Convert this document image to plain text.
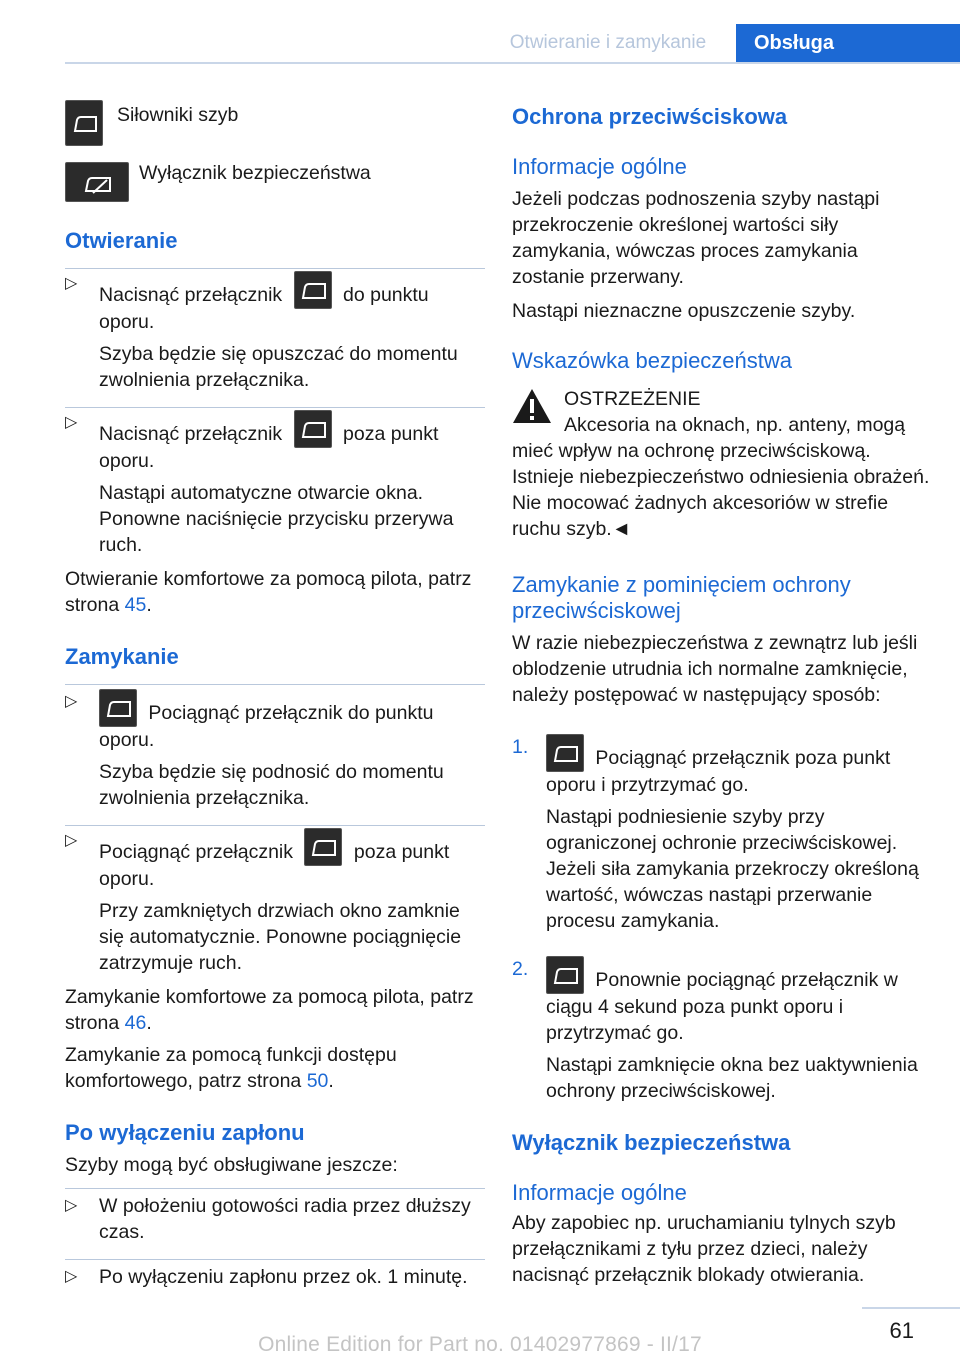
Otwieranie i zamykanie	Obsługa
Siłowniki szyb
Wyłącznik bezpieczeństwa
Otwieranie
▷

Nacisnąć przełącznik	do punktu oporu.

Szyba będzie się opuszczać do momentu zwolnienia przełącznika.

▷

Nacisnąć przełącznik	poza punkt oporu.

Nastąpi automatyczne otwarcie okna. Ponowne naciśnięcie przycisku przerywa ruch.

Otwieranie komfortowe za pomocą pilota, patrz strona 45.

Zamykanie
▷

Pociągnąć przełącznik do punktu oporu.

Szyba będzie się podnosić do momentu zwolnienia przełącznika.

▷

Pociągnąć przełącznik	poza punkt oporu.

Przy zamkniętych drzwiach okno zamknie się automatycznie. Ponowne pociągnięcie zatrzymuje ruch.

Zamykanie komfortowe za pomocą pilota, patrz strona 46.

Zamykanie za pomocą funkcji dostępu komfortowego, patrz strona 50.

Po wyłączeniu zapłonu

Szyby mogą być obsługiwane jeszcze:

▷	W położeniu gotowości radia przez dłuższy czas.

▷	Po wyłączeniu zapłonu przez ok. 1 minutę.

Ochrona przeciwściskowa
Informacje ogólne

Jeżeli podczas podnoszenia szyby nastąpi przekroczenie określonej wartości siły zamykania, wówczas proces zamykania zostanie przerwany.

Nastąpi nieznaczne opuszczenie szyby.

Wskazówka bezpieczeństwa

OSTRZEŻENIE

Akcesoria na oknach, np. anteny, mogą mieć wpływ na ochronę przeciwściskową. Istnieje niebezpieczeństwo odniesienia obrażeń. Nie mocować żadnych akcesoriów w strefie ruchu szyb.◄

Zamykanie z pominięciem ochrony przeciwściskowej

W razie niebezpieczeństwa z zewnątrz lub jeśli oblodzenie utrudnia ich normalne zamknięcie, należy postępować w następujący sposób:

1.	Pociągnąć przełącznik poza punkt oporu i przytrzymać go.

Nastąpi podniesienie szyby przy ograniczonej ochronie przeciwściskowej. Jeżeli siła zamykania przekroczy określoną wartość, wówczas nastąpi przerwanie procesu zamykania.

2.	Ponownie pociągnąć przełącznik w ciągu 4 sekund poza punkt oporu i przytrzymać go.

Nastąpi zamknięcie okna bez uaktywnienia ochrony przeciwściskowej.

Wyłącznik bezpieczeństwa
Informacje ogólne

Aby zapobiec np. uruchamianiu tylnych szyb przełącznikami z tyłu przez dzieci, należy nacisnąć przełącznik blokady otwierania.

61
Online Edition for Part no. 01402977869 - II/17
